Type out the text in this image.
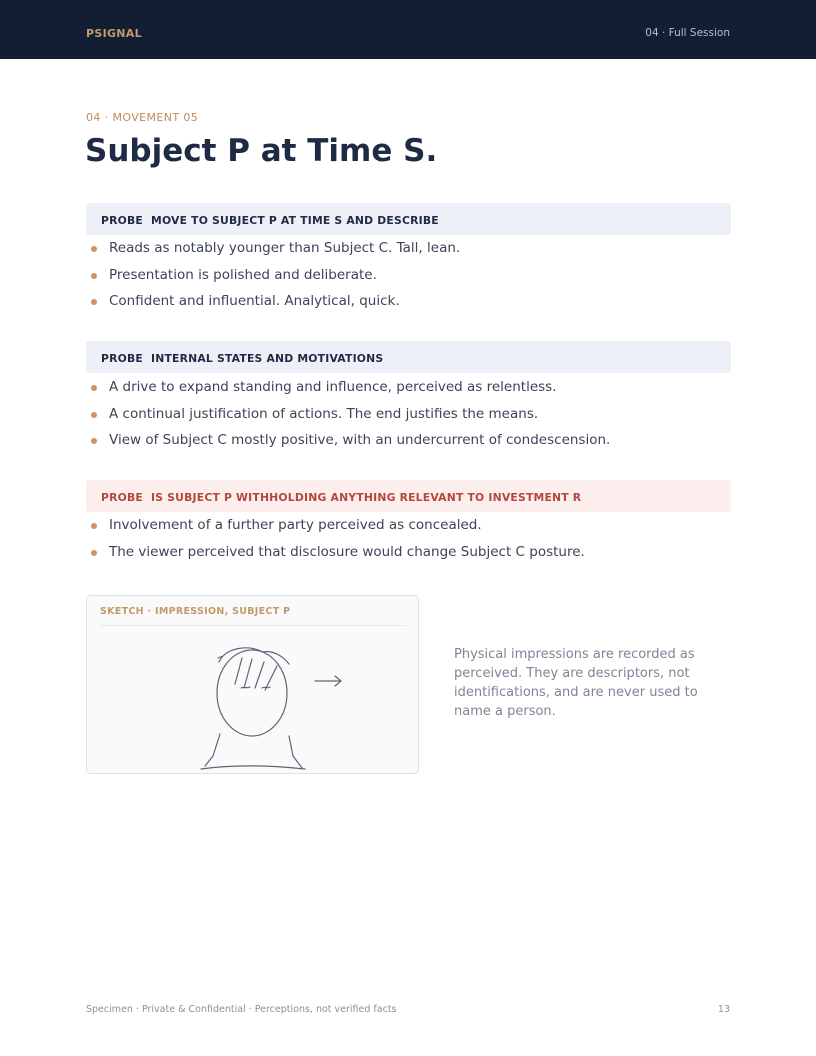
PSIGNAL	04 · Full Session
04 · MOVEMENT 05
Subject P at Time S.
PROBE MOVE TO SUBJECT P AT TIME S AND DESCRIBE
Reads as notably younger than Subject C. Tall, lean.
Presentation is polished and deliberate.
Confident and influential. Analytical, quick.
PROBE INTERNAL STATES AND MOTIVATIONS
A drive to expand standing and influence, perceived as relentless.
A continual justification of actions. The end justifies the means.
View of Subject C mostly positive, with an undercurrent of condescension.
PROBE IS SUBJECT P WITHHOLDING ANYTHING RELEVANT TO INVESTMENT R
Involvement of a further party perceived as concealed.
The viewer perceived that disclosure would change Subject C posture.
SKETCH · IMPRESSION, SUBJECT P

Physical impressions are recorded as perceived. They are descriptors, not identifications, and are never used to name a person.

Specimen · Private & Confidential · Perceptions, not verified facts	13
